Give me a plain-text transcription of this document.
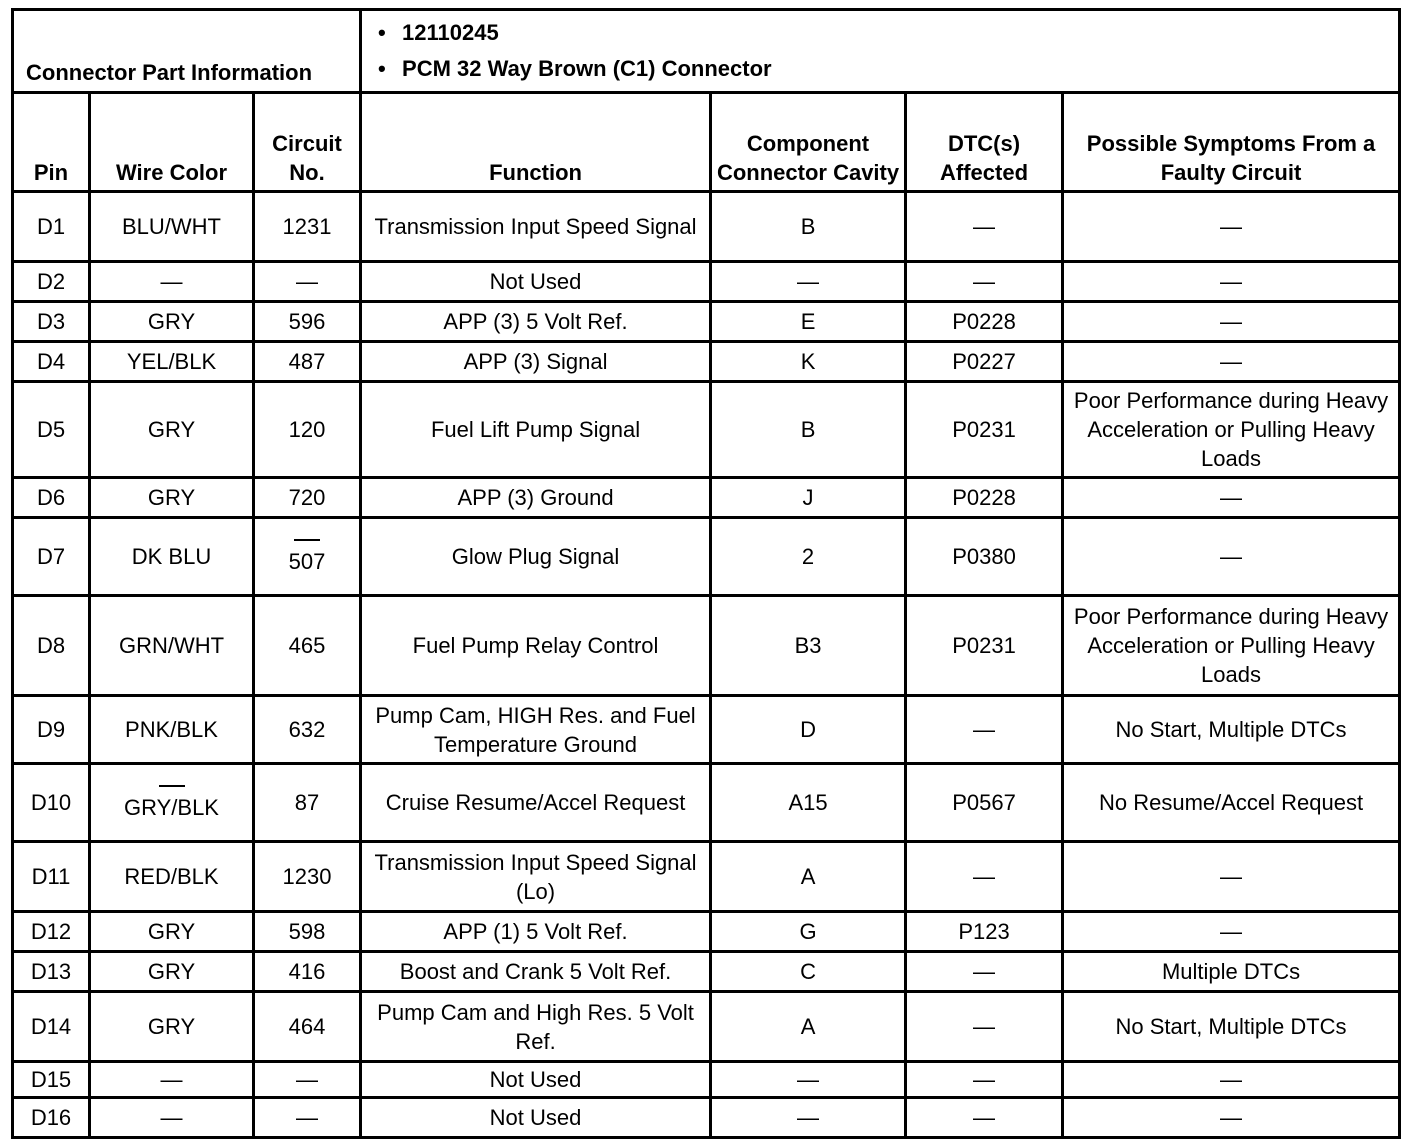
Connector Part Information			• 12110245
• PCM 32 Way Brown (C1) Connector

Pin	Wire Color	Circuit No.	Function	Component Connector Cavity	DTC(s) Affected	Possible Symptoms From a Faulty Circuit
D1	BLU/WHT	1231	Transmission Input Speed Signal	B	—	—
D2	—	—	Not Used	—	—	—
D3	GRY	596	APP (3) 5 Volt Ref.	E	P0228	—
D4	YEL/BLK	487	APP (3) Signal	K	P0227	—
D5	GRY	120	Fuel Lift Pump Signal	B	P0231	Poor Performance during Heavy Acceleration or Pulling Heavy Loads
D6	GRY	720	APP (3) Ground	J	P0228	—
D7	DK BLU	507	Glow Plug Signal	2	P0380	—
D8	GRN/WHT	465	Fuel Pump Relay Control	B3	P0231	Poor Performance during Heavy Acceleration or Pulling Heavy Loads
D9	PNK/BLK	632	Pump Cam, HIGH Res. and Fuel Temperature Ground	D	—	No Start, Multiple DTCs
D10	GRY/BLK	87	Cruise Resume/Accel Request	A15	P0567	No Resume/Accel Request
D11	RED/BLK	1230	Transmission Input Speed Signal (Lo)	A	—	—
D12	GRY	598	APP (1) 5 Volt Ref.	G	P123	—
D13	GRY	416	Boost and Crank 5 Volt Ref.	C	—	Multiple DTCs
D14	GRY	464	Pump Cam and High Res. 5 Volt Ref.	A	—	No Start, Multiple DTCs
D15	—	—	Not Used	—	—	—
D16	—	—	Not Used	—	—	—
